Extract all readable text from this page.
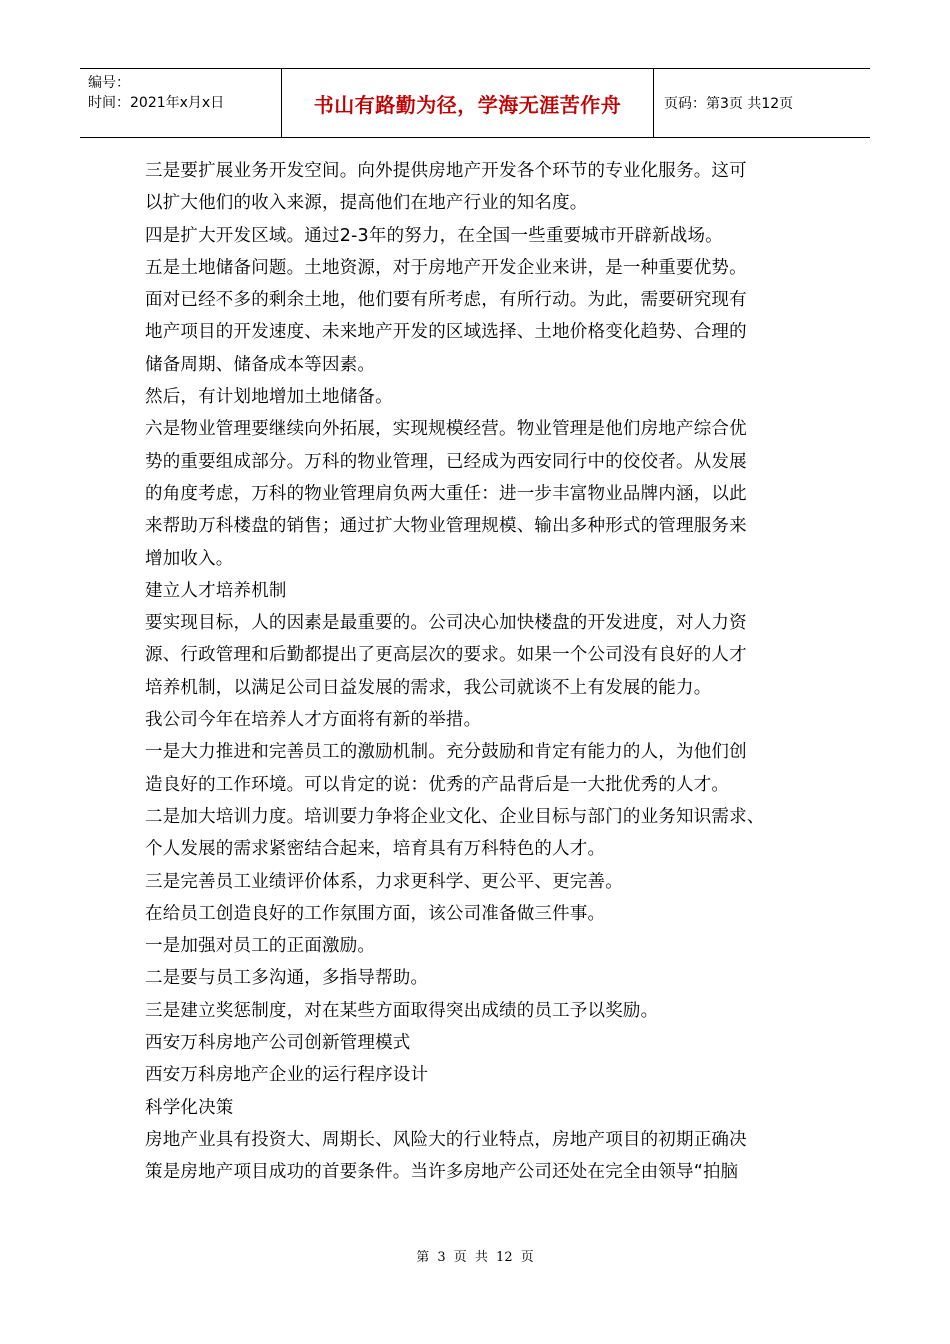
编号：
时间：2021年x月x日	书山有路勤为径，学海无涯苦作舟	页码：第3页 共12页

三是要扩展业务开发空间。向外提供房地产开发各个环节的专业化服务。这可

以扩大他们的收入来源，提高他们在地产行业的知名度。

四是扩大开发区域。通过2-3年的努力，在全国一些重要城市开辟新战场。

五是土地储备问题。土地资源，对于房地产开发企业来讲，是一种重要优势。

面对已经不多的剩余土地，他们要有所考虑，有所行动。为此，需要研究现有

地产项目的开发速度、未来地产开发的区域选择、土地价格变化趋势、合理的

储备周期、储备成本等因素。

然后，有计划地增加土地储备。

六是物业管理要继续向外拓展，实现规模经营。物业管理是他们房地产综合优

势的重要组成部分。万科的物业管理，已经成为西安同行中的佼佼者。从发展

的角度考虑，万科的物业管理肩负两大重任：进一步丰富物业品牌内涵，以此

来帮助万科楼盘的销售；通过扩大物业管理规模、输出多种形式的管理服务来

增加收入。

建立人才培养机制

要实现目标，人的因素是最重要的。公司决心加快楼盘的开发进度，对人力资

源、行政管理和后勤都提出了更高层次的要求。如果一个公司没有良好的人才

培养机制，以满足公司日益发展的需求，我公司就谈不上有发展的能力。

我公司今年在培养人才方面将有新的举措。

一是大力推进和完善员工的激励机制。充分鼓励和肯定有能力的人，为他们创

造良好的工作环境。可以肯定的说：优秀的产品背后是一大批优秀的人才。

二是加大培训力度。培训要力争将企业文化、企业目标与部门的业务知识需求、

个人发展的需求紧密结合起来，培育具有万科特色的人才。

三是完善员工业绩评价体系，力求更科学、更公平、更完善。

在给员工创造良好的工作氛围方面，该公司准备做三件事。

一是加强对员工的正面激励。

二是要与员工多沟通，多指导帮助。

三是建立奖惩制度，对在某些方面取得突出成绩的员工予以奖励。

西安万科房地产公司创新管理模式

西安万科房地产企业的运行程序设计

科学化决策

房地产业具有投资大、周期长、风险大的行业特点，房地产项目的初期正确决

策是房地产项目成功的首要条件。当许多房地产公司还处在完全由领导“拍脑

第 3 页 共 12 页
